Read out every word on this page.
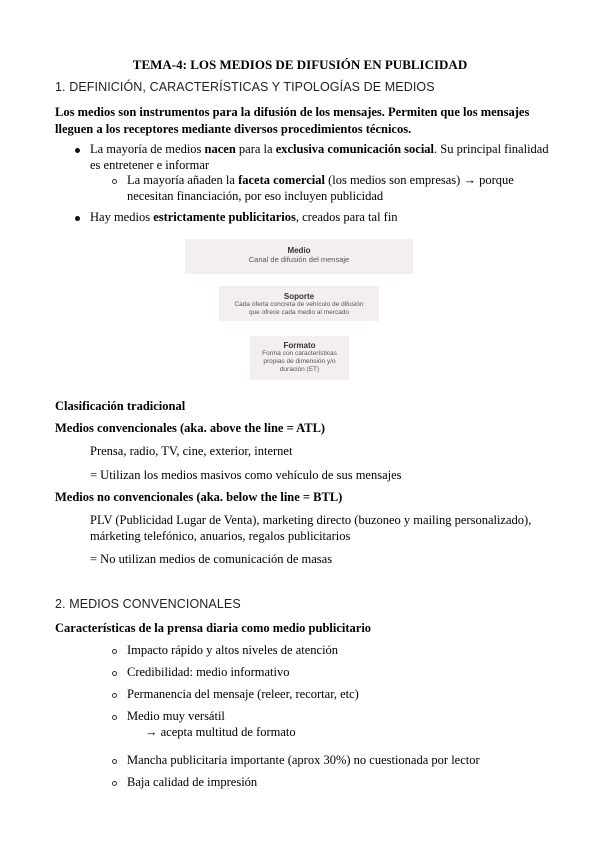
TEMA-4: LOS MEDIOS DE DIFUSIÓN EN PUBLICIDAD
1. DEFINICIÓN, CARACTERÍSTICAS Y TIPOLOGÍAS DE MEDIOS
Los medios son instrumentos para la difusión de los mensajes. Permiten que los mensajes
lleguen a los receptores mediante diversos procedimientos técnicos.
La mayoría de medios nacen para la exclusiva comunicación social. Su principal finalidad
es entretener e informar
La mayoría añaden la faceta comercial (los medios son empresas) → porque
necesitan financiación, por eso incluyen publicidad
Hay medios estrictamente publicitarios, creados para tal fin
Medio
Canal de difusión del mensaje
Soporte
Cada oferta concreta de vehículo de difusión
que ofrece cada medio al mercado
Formato
Forma con características
propias de dimensión y/o
duración (ET)
Clasificación tradicional
Medios convencionales (aka. above the line = ATL)
Prensa, radio, TV, cine, exterior, internet
= Utilizan los medios masivos como vehículo de sus mensajes
Medios no convencionales (aka. below the line = BTL)
PLV (Publicidad Lugar de Venta), marketing directo (buzoneo y mailing personalizado),
márketing telefónico, anuarios, regalos publicitarios
= No utilizan medios de comunicación de masas
2. MEDIOS CONVENCIONALES
Características de la prensa diaria como medio publicitario
Impacto rápido y altos niveles de atención
Credibilidad: medio informativo
Permanencia del mensaje (releer, recortar, etc)
Medio muy versátil
→ acepta multitud de formato
Mancha publicitaria importante (aprox 30%) no cuestionada por lector
Baja calidad de impresión
